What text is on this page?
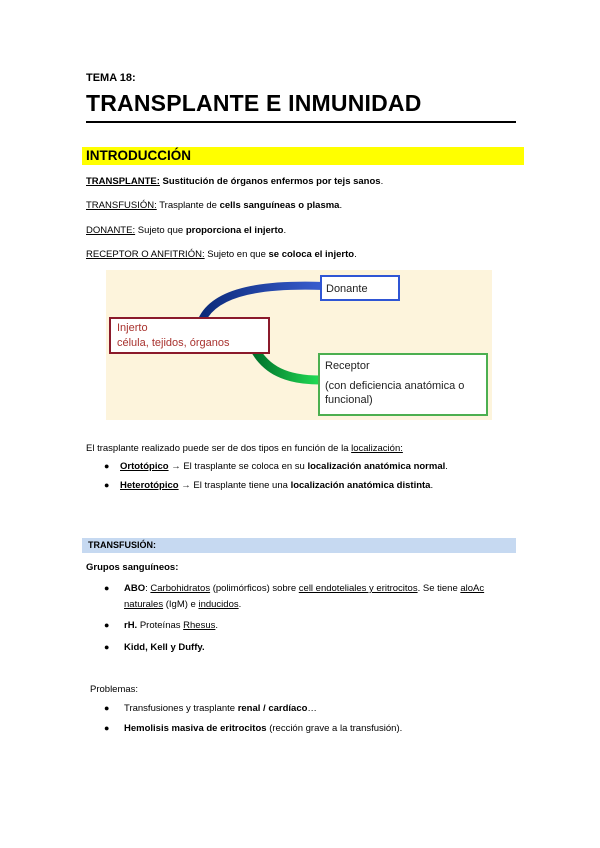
TEMA 18:
TRANSPLANTE E INMUNIDAD
INTRODUCCIÓN
TRANSPLANTE: Sustitución de órganos enfermos por tejs sanos.
TRANSFUSIÓN: Trasplante de cells sanguíneas o plasma.
DONANTE: Sujeto que proporciona el injerto.
RECEPTOR O ANFITRIÓN: Sujeto en que se coloca el injerto.
Donante
Injerto
célula, tejidos, órganos
Receptor
(con deficiencia anatómica o
funcional)
El trasplante realizado puede ser de dos tipos en función de la localización:
● Ortotópico → El trasplante se coloca en su localización anatómica normal.
● Heterotópico → El trasplante tiene una localización anatómica distinta.
TRANSFUSIÓN:
Grupos sanguíneos:
● ABO: Carbohidratos (polimórficos) sobre cell endoteliales y eritrocitos. Se tiene aloAc
naturales (IgM) e inducidos.
● rH. Proteínas Rhesus.
● Kidd, Kell y Duffy.
Problemas:
● Transfusiones y trasplante renal / cardíaco…
● Hemolisis masiva de eritrocitos (rección grave a la transfusión).
